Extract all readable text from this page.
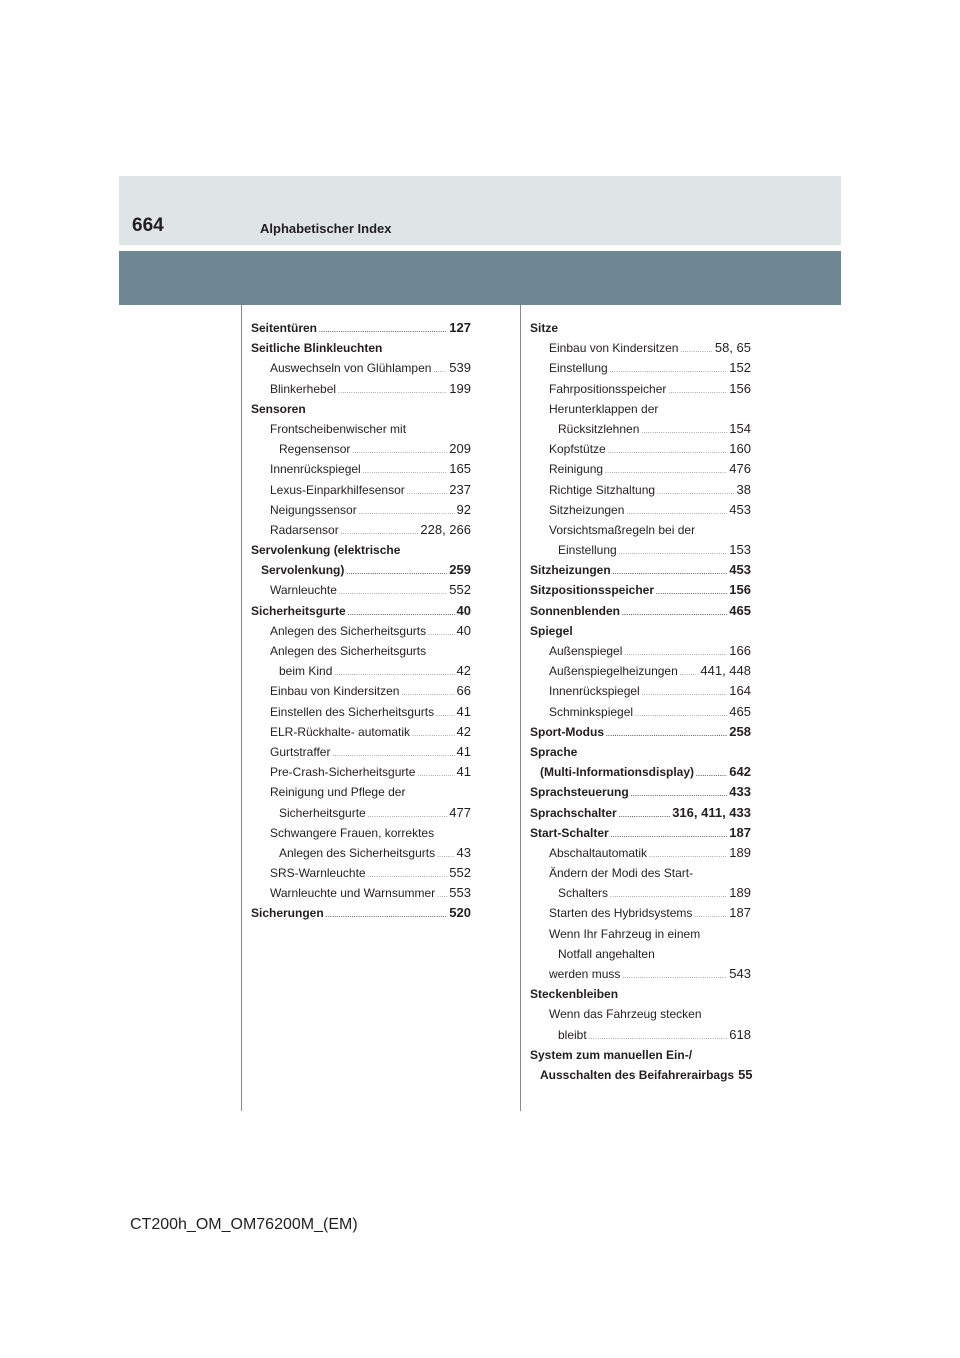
664	Alphabetischer Index
Seitentüren .....	127
Seitliche Blinkleuchten
Auswechseln von Glühlampen ..... 539
Blinkerhebel .....	199
Sensoren
Frontscheibenwischer mit
Regensensor .....	209
Innenrückspiegel .....	165
Lexus-Einparkhilfesensor .....	237
Neigungssensor .....	92
Radarsensor .....	228, 266
Servolenkung (elektrische
Servolenkung) .....	259
Warnleuchte .....	552
Sicherheitsgurte .....	40
Anlegen des Sicherheitsgurts ..... 40
Anlegen des Sicherheitsgurts
beim Kind .....	42
Einbau von Kindersitzen .....	66
Einstellen des Sicherheitsgurts ..... 41
ELR-Rückhalte- automatik .....	42
Gurtstraffer .....	41
Pre-Crash-Sicherheitsgurte .....	41
Reinigung und Pflege der
Sicherheitsgurte .....	477
Schwangere Frauen, korrektes
Anlegen des Sicherheitsgurts ..... 43
SRS-Warnleuchte .....	552
Warnleuchte und Warnsummer ..... 553
Sicherungen .....	520
Sitze
Einbau von Kindersitzen .....	58, 65
Einstellung .....	152
Fahrpositionsspeicher .....	156
Herunterklappen der
Rücksitzlehnen .....	154
Kopfstütze .....	160
Reinigung .....	476
Richtige Sitzhaltung .....	38
Sitzheizungen .....	453
Vorsichtsmaßregeln bei der
Einstellung .....	153
Sitzheizungen .....	453
Sitzpositionsspeicher .....	156
Sonnenblenden .....	465
Spiegel
Außenspiegel .....	166
Außenspiegelheizungen ..... 441, 448
Innenrückspiegel .....	164
Schminkspiegel .....	465
Sport-Modus .....	258
Sprache
(Multi-Informationsdisplay) .....	642
Sprachsteuerung .....	433
Sprachschalter .....	316, 411, 433
Start-Schalter .....	187
Abschaltautomatik .....	189
Ändern der Modi des Start-
Schalters .....	189
Starten des Hybridsystems .....	187
Wenn Ihr Fahrzeug in einem
Notfall angehalten
werden muss .....	543
Steckenbleiben
Wenn das Fahrzeug stecken
bleibt .....	618
System zum manuellen Ein-/
Ausschalten des Beifahrerairbags 55
CT200h_OM_OM76200M_(EM)
